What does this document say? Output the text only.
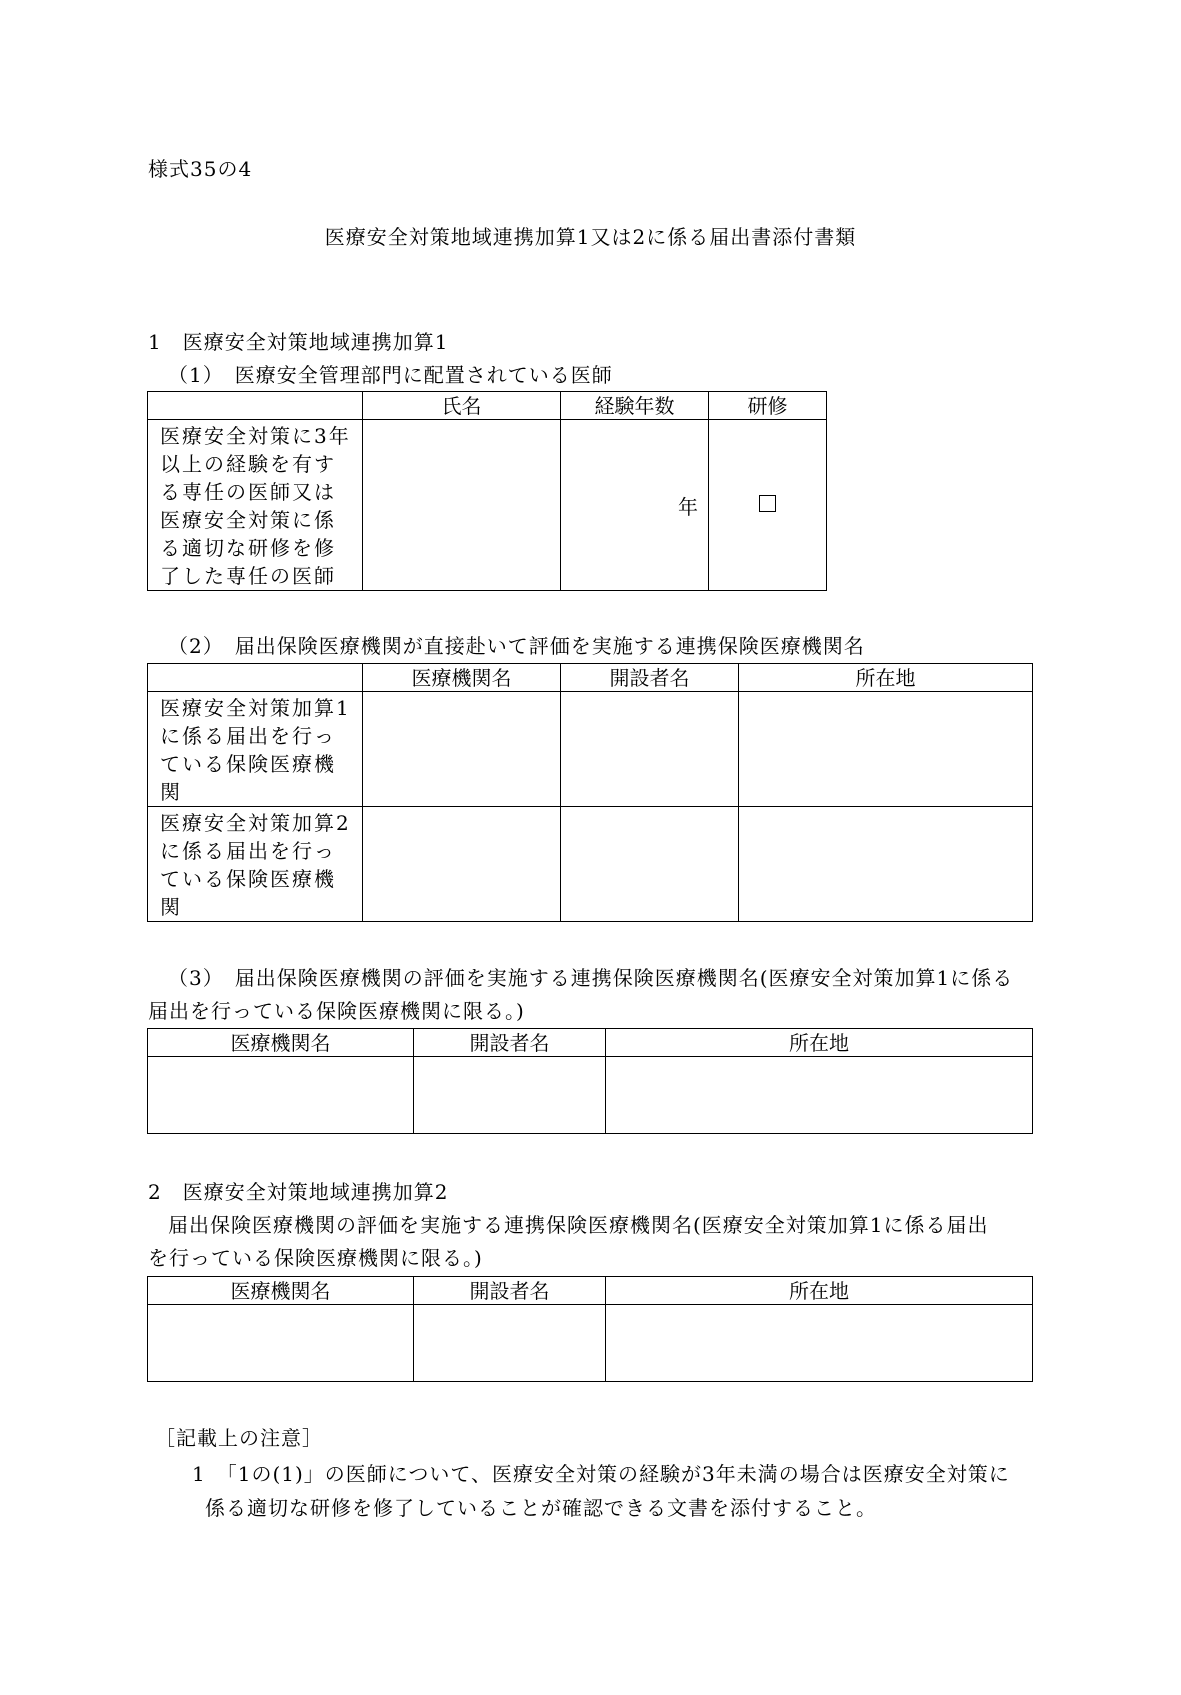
様式35の4
医療安全対策地域連携加算1又は2に係る届出書添付書類
1　医療安全対策地域連携加算1
（1）　医療安全管理部門に配置されている医師
	氏名	経験年数	研修
医療安全対策に3年以上の経験を有する専任の医師又は医療安全対策に係る適切な研修を修了した専任の医師		年	
（2）　届出保険医療機関が直接赴いて評価を実施する連携保険医療機関名
	医療機関名	開設者名	所在地
医療安全対策加算1に係る届出を行っている保険医療機関			
医療安全対策加算2に係る届出を行っている保険医療機関			
（3）　届出保険医療機関の評価を実施する連携保険医療機関名(医療安全対策加算1に係る
届出を行っている保険医療機関に限る。)
医療機関名	開設者名	所在地

2　医療安全対策地域連携加算2
届出保険医療機関の評価を実施する連携保険医療機関名(医療安全対策加算1に係る届出
を行っている保険医療機関に限る。)
医療機関名	開設者名	所在地

［記載上の注意］
1　「1の(1)」の医師について、医療安全対策の経験が3年未満の場合は医療安全対策に
係る適切な研修を修了していることが確認できる文書を添付すること。
